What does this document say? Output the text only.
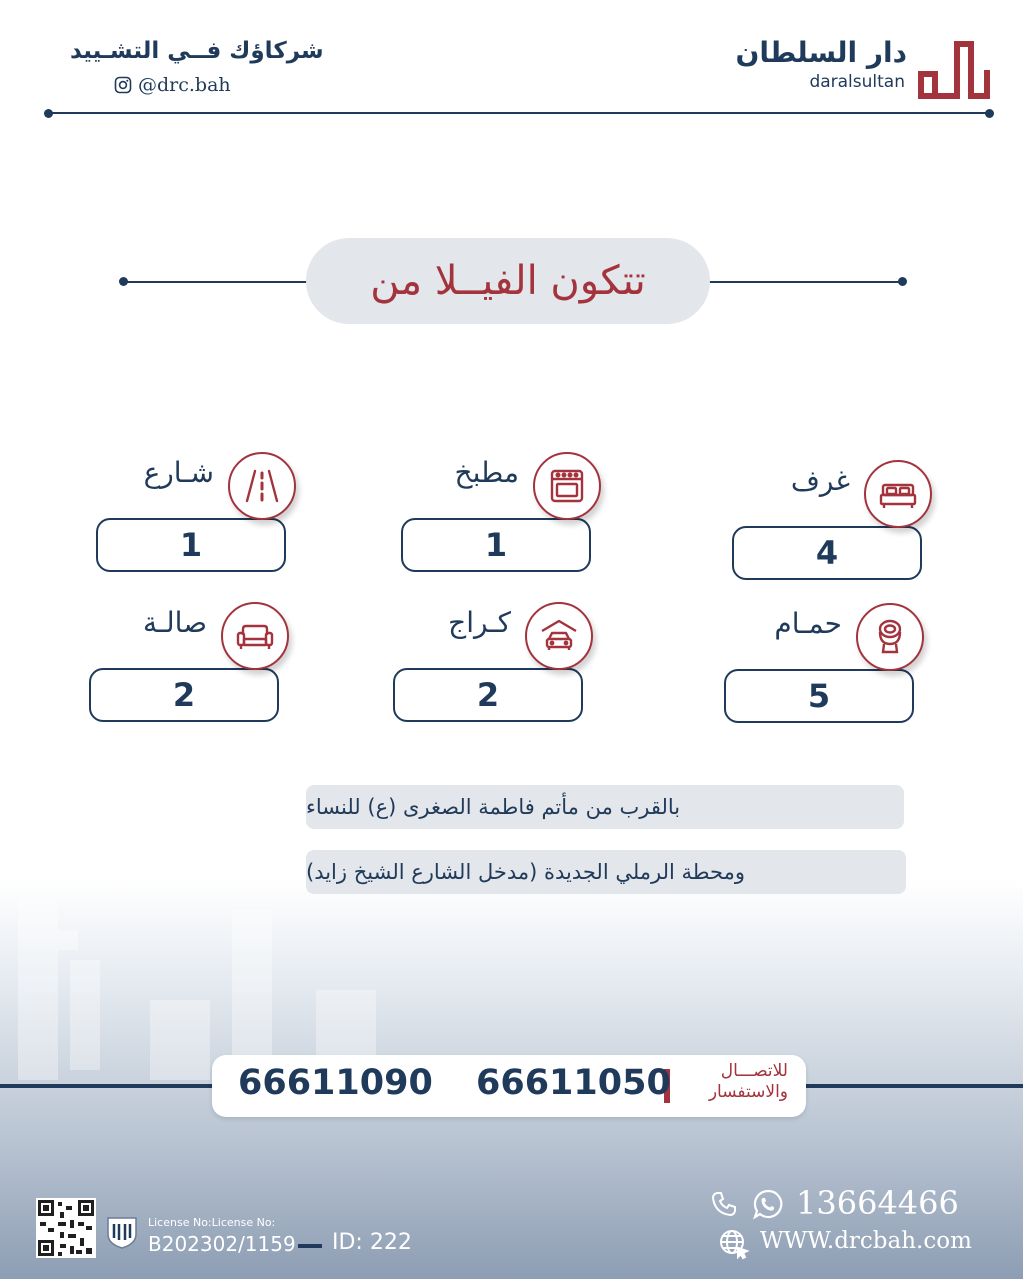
دار السلطان
daralsultan
شركاؤك فــي التشـييد
@drc.bah
تتكون الفيــلا من
4
غرف
1
مطبخ
1
شـارع
5
حمـام
2
كـراج
2
صالـة
بالقرب من مأتم فاطمة الصغرى (ع) للنساء
ومحطة الرملي الجديدة (مدخل الشارع الشيخ زايد)
66611090 66611050	للاتصـــال
والاستفسار
License No:License No:
B202302/1159 ID: 222
13664466
WWW.drcbah.com
